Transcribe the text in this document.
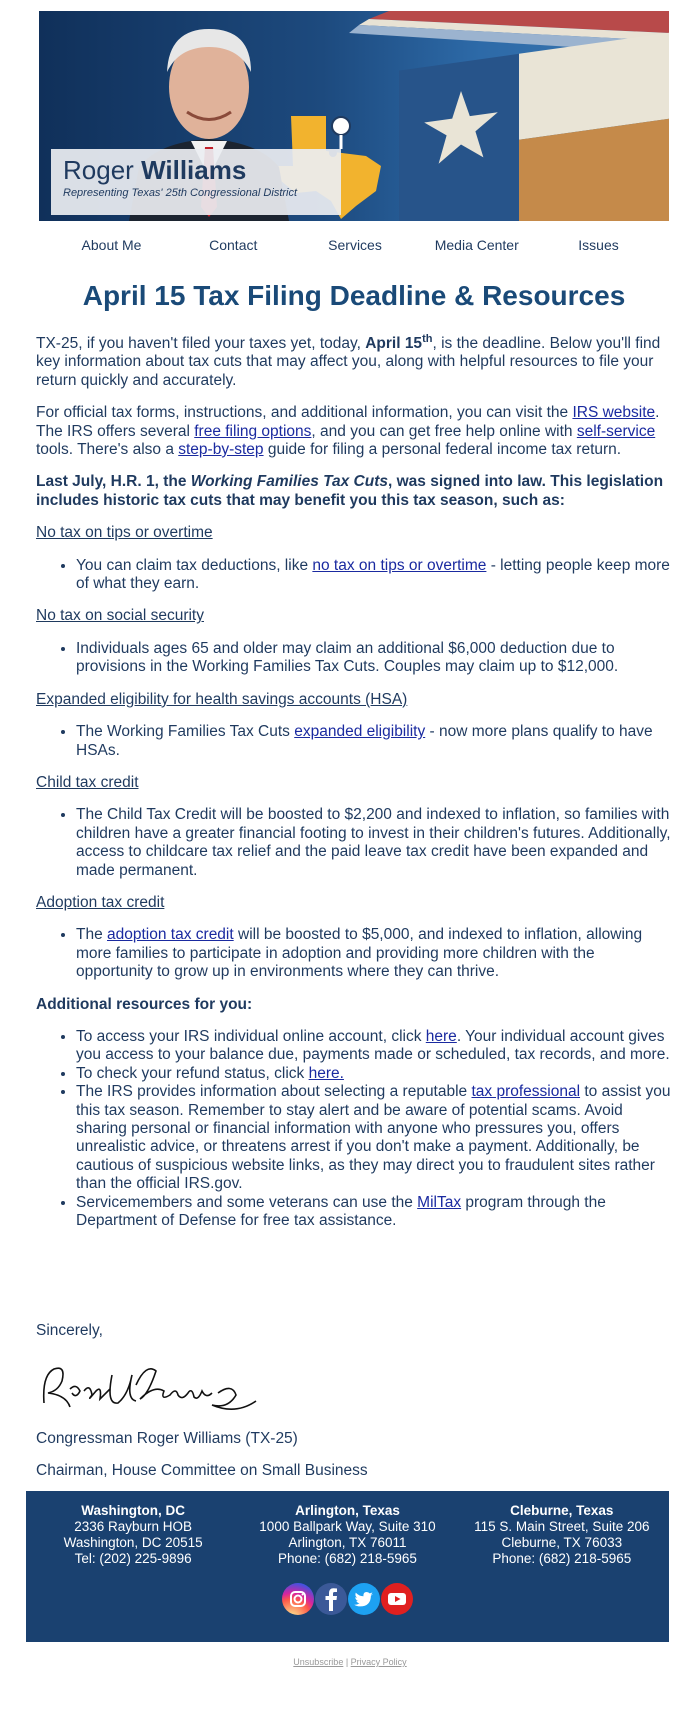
Roger Williams
Representing Texas' 25th Congressional District
About Me	Contact	Services	Media Center	Issues
April 15 Tax Filing Deadline & Resources

TX-25, if you haven't filed your taxes yet, today, April 15th, is the deadline. Below you'll find key information about tax cuts that may affect you, along with helpful resources to file your return quickly and accurately.

For official tax forms, instructions, and additional information, you can visit the IRS website. The IRS offers several free filing options, and you can get free help online with self-service tools. There's also a step-by-step guide for filing a personal federal income tax return.

Last July, H.R. 1, the Working Families Tax Cuts, was signed into law. This legislation includes historic tax cuts that may benefit you this tax season, such as:

No tax on tips or overtime
• You can claim tax deductions, like no tax on tips or overtime - letting people keep more of what they earn.
No tax on social security
• Individuals ages 65 and older may claim an additional $6,000 deduction due to provisions in the Working Families Tax Cuts. Couples may claim up to $12,000.
Expanded eligibility for health savings accounts (HSA)
• The Working Families Tax Cuts expanded eligibility - now more plans qualify to have HSAs.
Child tax credit
• The Child Tax Credit will be boosted to $2,200 and indexed to inflation, so families with children have a greater financial footing to invest in their children's futures. Additionally, access to childcare tax relief and the paid leave tax credit have been expanded and made permanent.
Adoption tax credit
• The adoption tax credit will be boosted to $5,000, and indexed to inflation, allowing more families to participate in adoption and providing more children with the opportunity to grow up in environments where they can thrive.

Additional resources for you:

• To access your IRS individual online account, click here. Your individual account gives you access to your balance due, payments made or scheduled, tax records, and more.
• To check your refund status, click here.
• The IRS provides information about selecting a reputable tax professional to assist you this tax season. Remember to stay alert and be aware of potential scams. Avoid sharing personal or financial information with anyone who pressures you, offers unrealistic advice, or threatens arrest if you don't make a payment. Additionally, be cautious of suspicious website links, as they may direct you to fraudulent sites rather than the official IRS.gov.
• Servicemembers and some veterans can use the MilTax program through the Department of Defense for free tax assistance.
Sincerely,
Congressman Roger Williams (TX-25)
Chairman, House Committee on Small Business
Washington, DC
2336 Rayburn HOB
Washington, DC 20515
Tel: (202) 225-9896
Arlington, Texas
1000 Ballpark Way, Suite 310
Arlington, TX 76011
Phone: (682) 218-5965
Cleburne, Texas
115 S. Main Street, Suite 206
Cleburne, TX 76033
Phone: (682) 218-5965
Unsubscribe | Privacy Policy
